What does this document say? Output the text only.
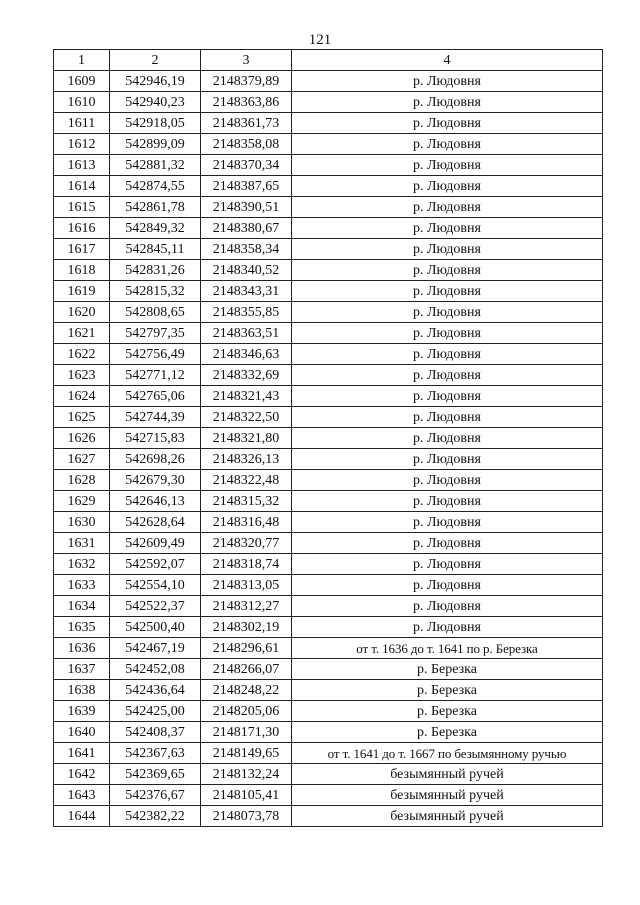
121
1	2	3	4
1609	542946,19	2148379,89	р. Людовня
1610	542940,23	2148363,86	р. Людовня
1611	542918,05	2148361,73	р. Людовня
1612	542899,09	2148358,08	р. Людовня
1613	542881,32	2148370,34	р. Людовня
1614	542874,55	2148387,65	р. Людовня
1615	542861,78	2148390,51	р. Людовня
1616	542849,32	2148380,67	р. Людовня
1617	542845,11	2148358,34	р. Людовня
1618	542831,26	2148340,52	р. Людовня
1619	542815,32	2148343,31	р. Людовня
1620	542808,65	2148355,85	р. Людовня
1621	542797,35	2148363,51	р. Людовня
1622	542756,49	2148346,63	р. Людовня
1623	542771,12	2148332,69	р. Людовня
1624	542765,06	2148321,43	р. Людовня
1625	542744,39	2148322,50	р. Людовня
1626	542715,83	2148321,80	р. Людовня
1627	542698,26	2148326,13	р. Людовня
1628	542679,30	2148322,48	р. Людовня
1629	542646,13	2148315,32	р. Людовня
1630	542628,64	2148316,48	р. Людовня
1631	542609,49	2148320,77	р. Людовня
1632	542592,07	2148318,74	р. Людовня
1633	542554,10	2148313,05	р. Людовня
1634	542522,37	2148312,27	р. Людовня
1635	542500,40	2148302,19	р. Людовня
1636	542467,19	2148296,61	от т. 1636 до т. 1641 по р. Березка
1637	542452,08	2148266,07	р. Березка
1638	542436,64	2148248,22	р. Березка
1639	542425,00	2148205,06	р. Березка
1640	542408,37	2148171,30	р. Березка
1641	542367,63	2148149,65	от т. 1641 до т. 1667 по безымянному ручью
1642	542369,65	2148132,24	безымянный ручей
1643	542376,67	2148105,41	безымянный ручей
1644	542382,22	2148073,78	безымянный ручей
